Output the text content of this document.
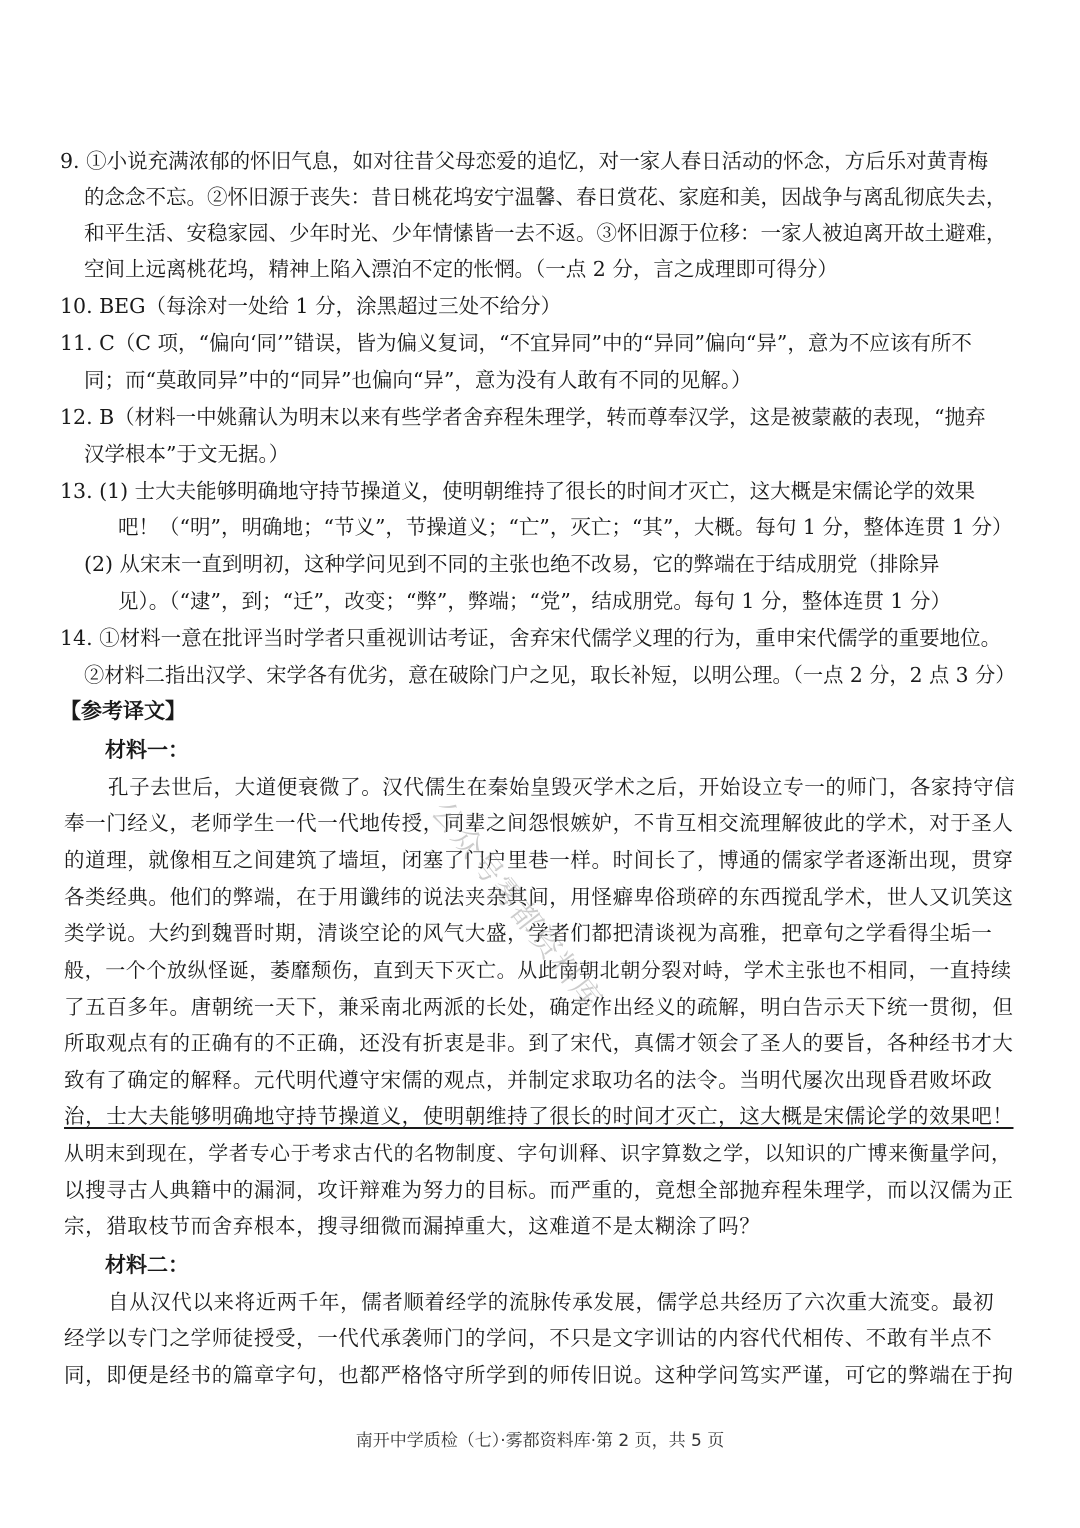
9. ①小说充满浓郁的怀旧气息，如对往昔父母恋爱的追忆，对一家人春日活动的怀念，方后乐对黄青梅
的念念不忘。②怀旧源于丧失：昔日桃花坞安宁温馨、春日赏花、家庭和美，因战争与离乱彻底失去，
和平生活、安稳家园、少年时光、少年情愫皆一去不返。③怀旧源于位移：一家人被迫离开故土避难，
空间上远离桃花坞，精神上陷入漂泊不定的怅惘。（一点 2 分，言之成理即可得分）
10. BEG（每涂对一处给 1 分，涂黑超过三处不给分）
11. C（C 项，“偏向‘同’”错误，皆为偏义复词，“不宜异同”中的“异同”偏向“异”，意为不应该有所不
同；而“莫敢同异”中的“同异”也偏向“异”，意为没有人敢有不同的见解。）
12. B（材料一中姚鼐认为明末以来有些学者舍弃程朱理学，转而尊奉汉学，这是被蒙蔽的表现，“抛弃
汉学根本”于文无据。）
13. (1) 士大夫能够明确地守持节操道义，使明朝维持了很长的时间才灭亡，这大概是宋儒论学的效果
吧！（“明”，明确地；“节义”，节操道义；“亡”，灭亡；“其”，大概。每句 1 分，整体连贯 1 分）
(2) 从宋末一直到明初，这种学问见到不同的主张也绝不改易，它的弊端在于结成朋党（排除异
见）。（“逮”，到；“迁”，改变；“弊”，弊端；“党”，结成朋党。每句 1 分，整体连贯 1 分）
14. ①材料一意在批评当时学者只重视训诂考证，舍弃宋代儒学义理的行为，重申宋代儒学的重要地位。
②材料二指出汉学、宋学各有优劣，意在破除门户之见，取长补短，以明公理。（一点 2 分，2 点 3 分）
【参考译文】
材料一：
孔子去世后，大道便衰微了。汉代儒生在秦始皇毁灭学术之后，开始设立专一的师门，各家持守信
奉一门经义，老师学生一代一代地传授，同辈之间怨恨嫉妒，不肯互相交流理解彼此的学术，对于圣人
的道理，就像相互之间建筑了墙垣，闭塞了门户里巷一样。时间长了，博通的儒家学者逐渐出现，贯穿
各类经典。他们的弊端，在于用谶纬的说法夹杂其间，用怪癖卑俗琐碎的东西搅乱学术，世人又讥笑这
类学说。大约到魏晋时期，清谈空论的风气大盛，学者们都把清谈视为高雅，把章句之学看得尘垢一
般，一个个放纵怪诞，萎靡颓伤，直到天下灭亡。从此南朝北朝分裂对峙，学术主张也不相同，一直持续
了五百多年。唐朝统一天下，兼采南北两派的长处，确定作出经义的疏解，明白告示天下统一贯彻，但
所取观点有的正确有的不正确，还没有折衷是非。到了宋代，真儒才领会了圣人的要旨，各种经书才大
致有了确定的解释。元代明代遵守宋儒的观点，并制定求取功名的法令。当明代屡次出现昏君败坏政
治，士大夫能够明确地守持节操道义，使明朝维持了很长的时间才灭亡，这大概是宋儒论学的效果吧！
从明末到现在，学者专心于考求古代的名物制度、字句训释、识字算数之学，以知识的广博来衡量学问，
以搜寻古人典籍中的漏洞，攻讦辩难为努力的目标。而严重的，竟想全部抛弃程朱理学，而以汉儒为正
宗，猎取枝节而舍弃根本，搜寻细微而漏掉重大，这难道不是太糊涂了吗？
材料二：
自从汉代以来将近两千年，儒者顺着经学的流脉传承发展，儒学总共经历了六次重大流变。最初
经学以专门之学师徒授受，一代代承袭师门的学问，不只是文字训诂的内容代代相传、不敢有半点不
同，即便是经书的篇章字句，也都严格恪守所学到的师传旧说。这种学问笃实严谨，可它的弊端在于拘
公众号雾都资料库
南开中学质检（七）·雾都资料库·第 2 页，共 5 页
